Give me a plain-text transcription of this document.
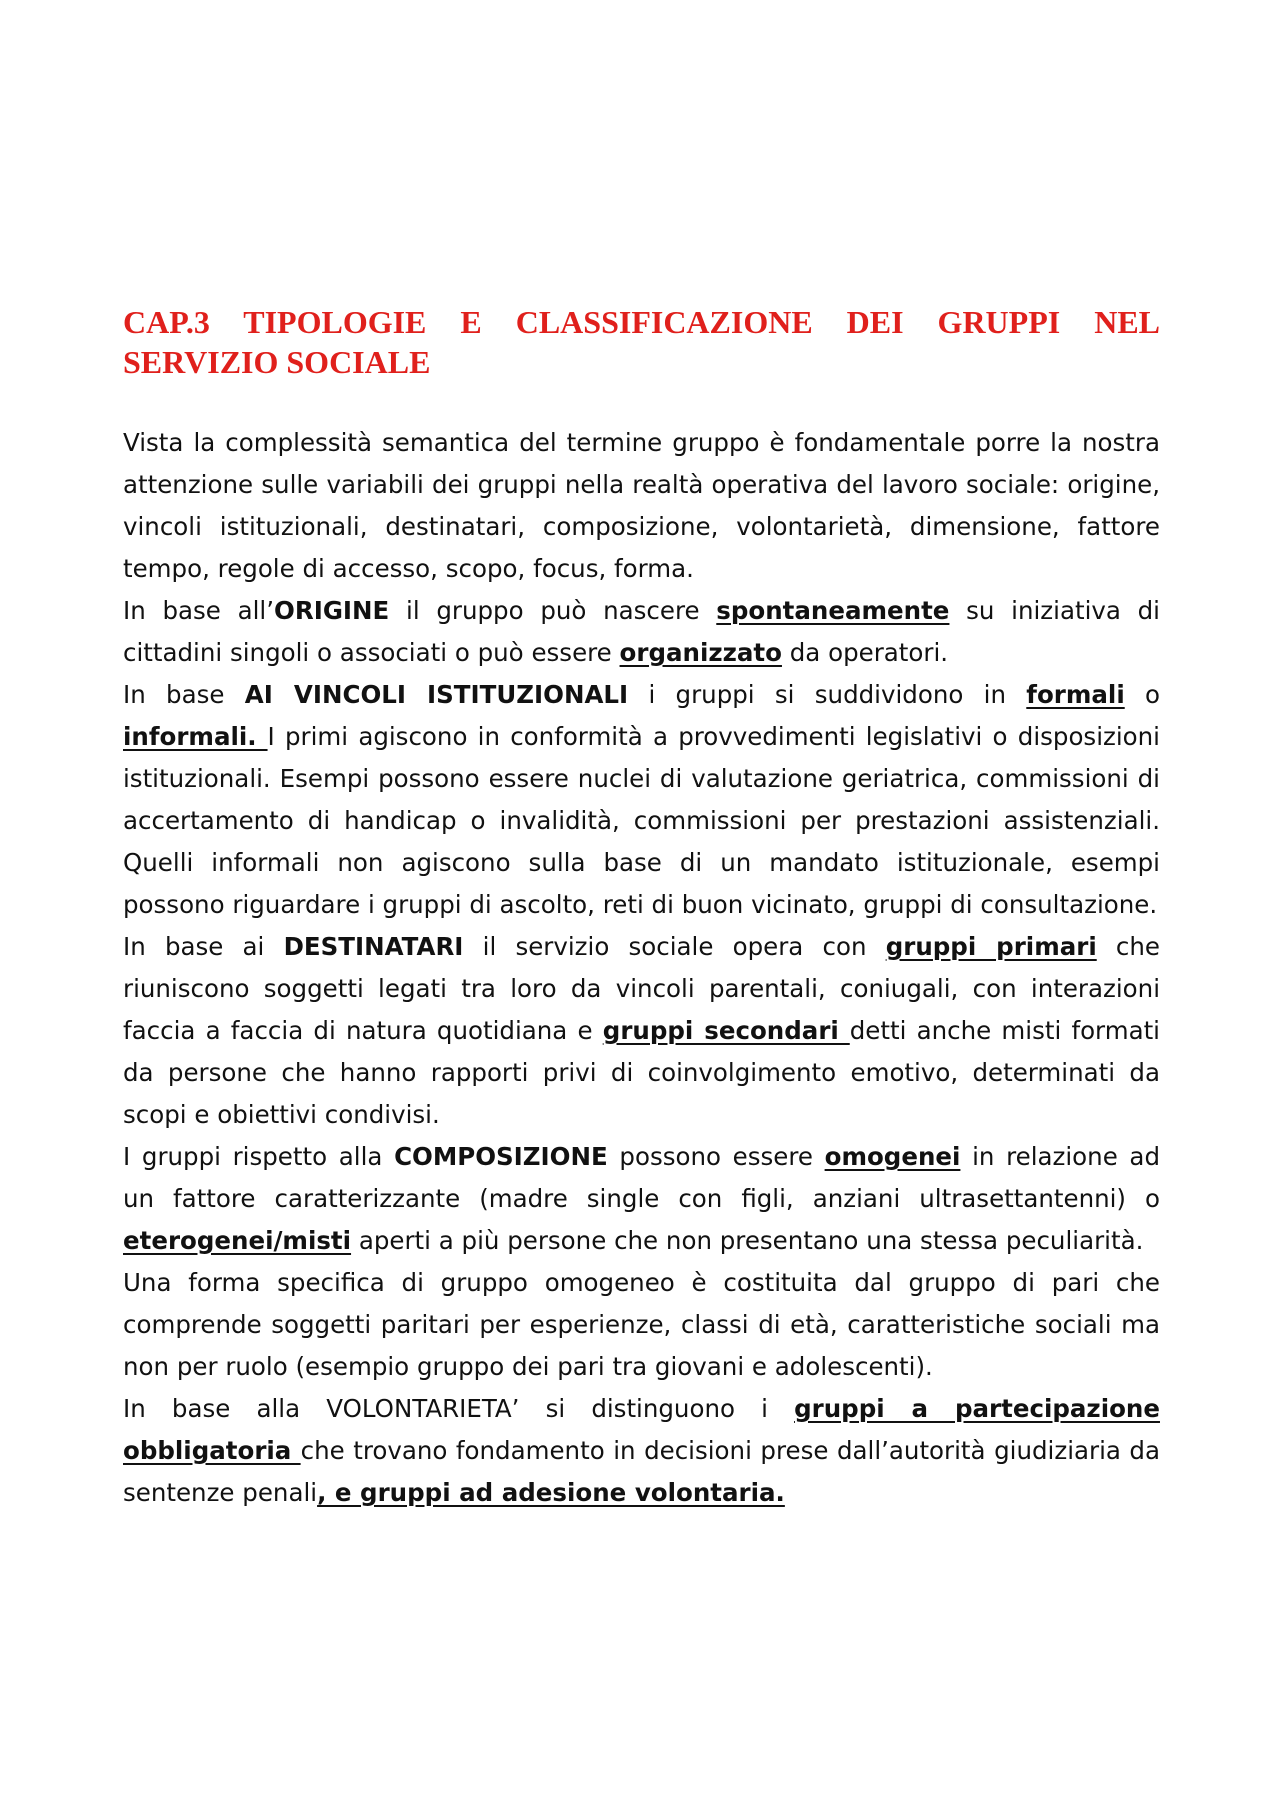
CAP.3 TIPOLOGIE E CLASSIFICAZIONE DEI GRUPPI NEL SERVIZIO SOCIALE

Vista la complessità semantica del termine gruppo è fondamentale porre la nostra attenzione sulle variabili dei gruppi nella realtà operativa del lavoro sociale: origine, vincoli istituzionali, destinatari, composizione, volontarietà, dimensione, fattore tempo, regole di accesso, scopo, focus, forma.

In base all’ORIGINE il gruppo può nascere spontaneamente su iniziativa di cittadini singoli o associati o può essere organizzato da operatori.

In base AI VINCOLI ISTITUZIONALI i gruppi si suddividono in formali o informali. I primi agiscono in conformità a provvedimenti legislativi o disposizioni istituzionali. Esempi possono essere nuclei di valutazione geriatrica, commissioni di accertamento di handicap o invalidità, commissioni per prestazioni assistenziali. Quelli informali non agiscono sulla base di un mandato istituzionale, esempi possono riguardare i gruppi di ascolto, reti di buon vicinato, gruppi di consultazione.

In base ai DESTINATARI il servizio sociale opera con gruppi primari che riuniscono soggetti legati tra loro da vincoli parentali, coniugali, con interazioni faccia a faccia di natura quotidiana e gruppi secondari detti anche misti formati da persone che hanno rapporti privi di coinvolgimento emotivo, determinati da scopi e obiettivi condivisi.

I gruppi rispetto alla COMPOSIZIONE possono essere omogenei in relazione ad un fattore caratterizzante (madre single con figli, anziani ultrasettantenni) o eterogenei/misti aperti a più persone che non presentano una stessa peculiarità.

Una forma specifica di gruppo omogeneo è costituita dal gruppo di pari che comprende soggetti paritari per esperienze, classi di età, caratteristiche sociali ma non per ruolo (esempio gruppo dei pari tra giovani e adolescenti).

In base alla VOLONTARIETA’ si distinguono i gruppi a partecipazione obbligatoria che trovano fondamento in decisioni prese dall’autorità giudiziaria da sentenze penali, e gruppi ad adesione volontaria.
